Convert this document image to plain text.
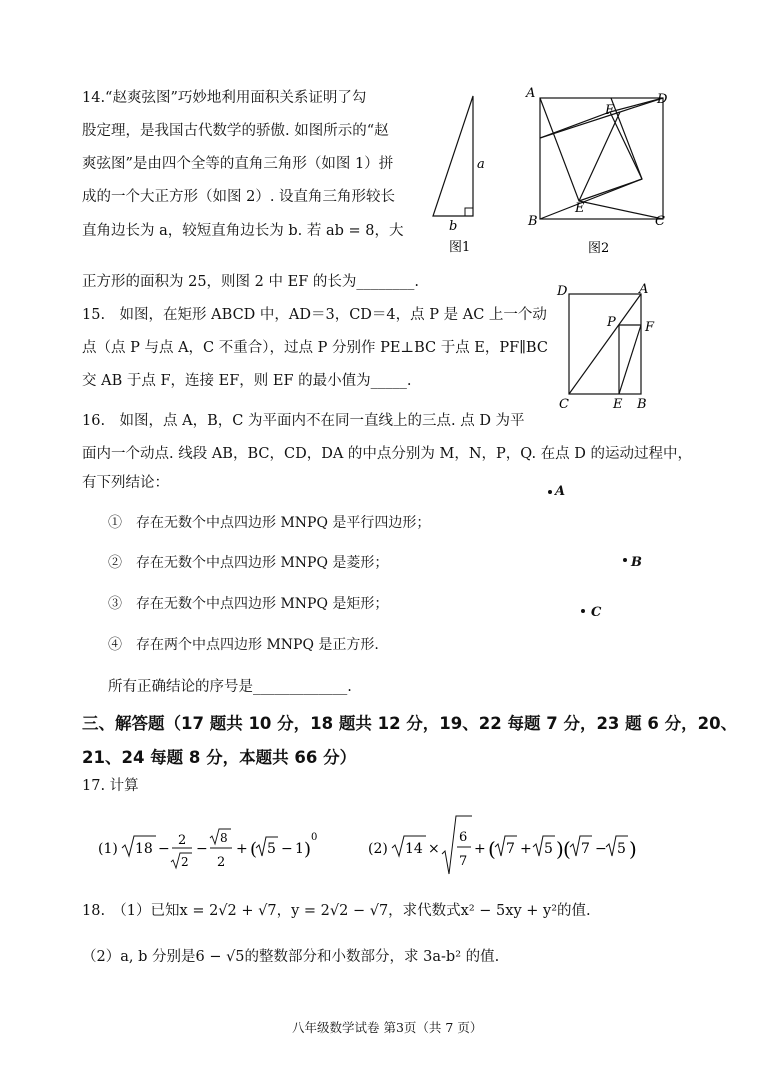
14.“赵爽弦图”巧妙地利用面积关系证明了勾
股定理，是我国古代数学的骄傲. 如图所示的“赵
爽弦图”是由四个全等的直角三角形（如图 1）拼
成的一个大正方形（如图 2）. 设直角三角形较长
直角边长为 a，较短直角边长为 b. 若 ab = 8，大
正方形的面积为 25，则图 2 中 EF 的长为________.
a
b
图1
A	D
F
E
B	C
图2
15.　如图，在矩形 ABCD 中，AD＝3，CD＝4，点 P 是 AC 上一个动
点（点 P 与点 A，C 不重合），过点 P 分别作 PE⊥BC 于点 E，PF∥BC
交 AB 于点 F，连接 EF，则 EF 的最小值为_____.
D	A
P F
C	E B
16.　如图，点 A，B，C 为平面内不在同一直线上的三点. 点 D 为平
面内一个动点. 线段 AB，BC，CD，DA 的中点分别为 M，N，P，Q. 在点 D 的运动过程中，
有下列结论：
①　存在无数个中点四边形 MNPQ 是平行四边形；
②　存在无数个中点四边形 MNPQ 是菱形；
③　存在无数个中点四边形 MNPQ 是矩形；
④　存在两个中点四边形 MNPQ 是正方形.
所有正确结论的序号是_____________.
A
B
C
三、解答题（17 题共 10 分，18 题共 12 分，19、22 每题 7 分，23 题 6 分，20、
21、24 每题 8 分，本题共 66 分）
17. 计算
(1) 18 −
2
2
−
8
2
+ ( 5 − 1 )
0
(2) 14 ×
6
7
+ ( 7 + 5 ) ( 7 − 5 )
18.　（1）已知x = 2√2 + √7，y = 2√2 − √7，求代数式x² − 5xy + y²的值.
（2）a, b 分别是6 − √5的整数部分和小数部分，求 3a-b² 的值.
八年级数学试卷 第3页（共 7 页）
